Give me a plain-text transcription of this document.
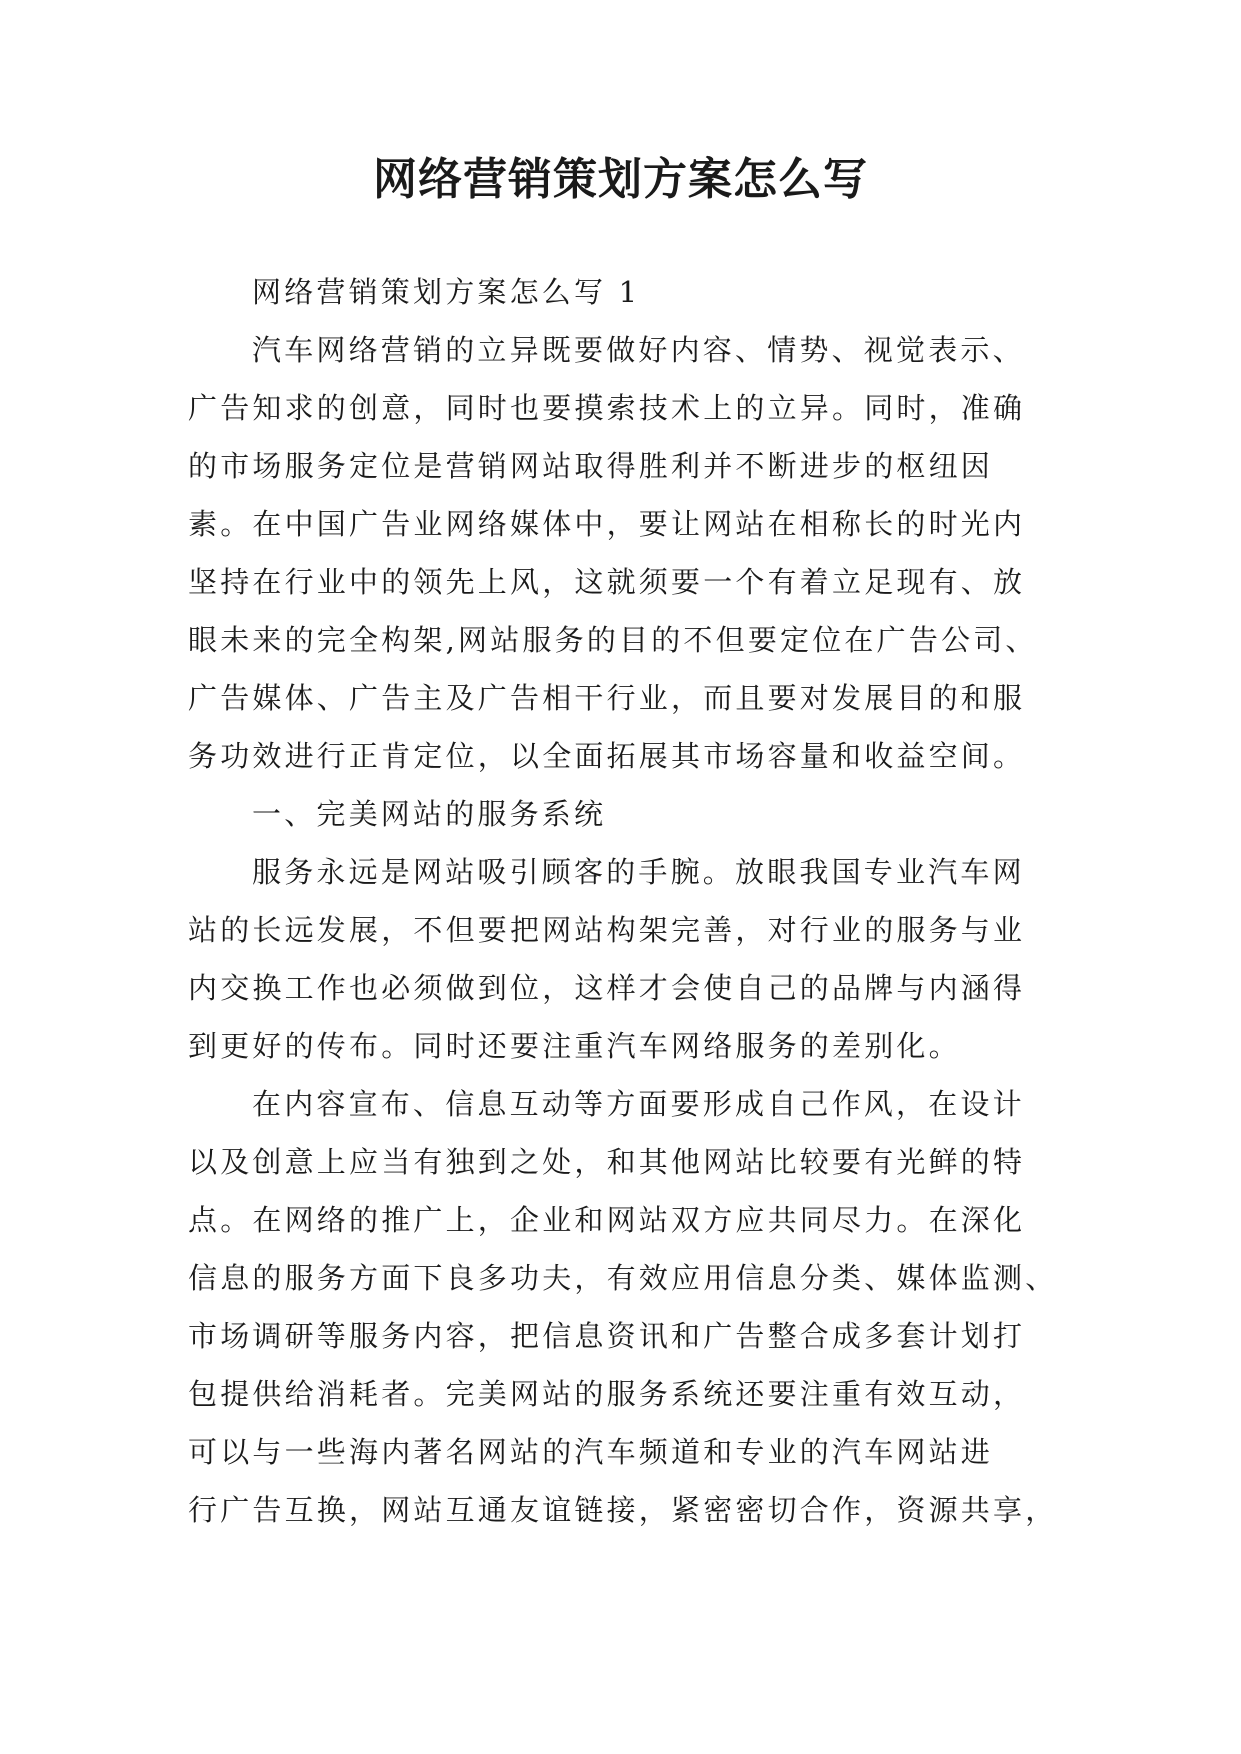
网络营销策划方案怎么写
网络营销策划方案怎么写 1
汽车网络营销的立异既要做好内容、情势、视觉表示、
广告知求的创意，同时也要摸索技术上的立异。同时，准确
的市场服务定位是营销网站取得胜利并不断进步的枢纽因
素。在中国广告业网络媒体中，要让网站在相称长的时光内
坚持在行业中的领先上风，这就须要一个有着立足现有、放
眼未来的完全构架,网站服务的目的不但要定位在广告公司、
广告媒体、广告主及广告相干行业，而且要对发展目的和服
务功效进行正肯定位，以全面拓展其市场容量和收益空间。
一、完美网站的服务系统
服务永远是网站吸引顾客的手腕。放眼我国专业汽车网
站的长远发展，不但要把网站构架完善，对行业的服务与业
内交换工作也必须做到位，这样才会使自己的品牌与内涵得
到更好的传布。同时还要注重汽车网络服务的差别化。
在内容宣布、信息互动等方面要形成自己作风，在设计
以及创意上应当有独到之处，和其他网站比较要有光鲜的特
点。在网络的推广上，企业和网站双方应共同尽力。在深化
信息的服务方面下良多功夫，有效应用信息分类、媒体监测、
市场调研等服务内容，把信息资讯和广告整合成多套计划打
包提供给消耗者。完美网站的服务系统还要注重有效互动，
可以与一些海内著名网站的汽车频道和专业的汽车网站进
行广告互换，网站互通友谊链接，紧密密切合作，资源共享，
